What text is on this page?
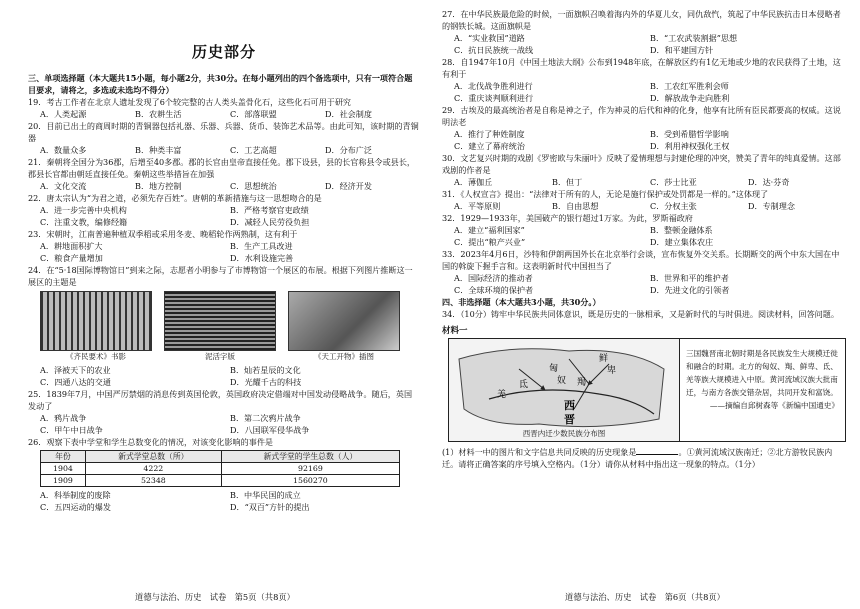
历史部分

三、单项选择题（本大题共15小题，每小题2分，共30分。在每小题列出的四个备选项中，只有一项符合题目要求，请将之，多选或未选均不得分）

19．考古工作者在北京人遗址发现了6个较完整的古人类头盖骨化石，这些化石可用于研究

A．人类起源	B．农耕生活	C．部落联盟	D．社会制度

20．目前已出土的商周时期的青铜器包括礼器、乐器、兵器、货币、装饰艺术品等。由此可知，该时期的青铜器

A．数量众多	B．种类丰富	C．工艺高超	D．分布广泛

21．秦朝将全国分为36郡，后增至40多郡。郡的长官由皇帝直接任免。郡下设县，县的长官称县令或县长，郡县长官都由朝廷直接任免。秦朝这些举措旨在加强

A．文化交流	B．地方控制	C．思想统治	D．经济开发

22．唐太宗认为“为君之道，必须先存百姓”。唐朝的革新措施与这一思想吻合的是

A．进一步完善中央机构	B．严格考察官吏政绩
C．注重文教，编修经籍	D．减轻人民劳役负担

23．宋朝时，江南普遍种植双季稻或采用冬麦、晚稻轮作两熟制，这有利于

A．耕地面积扩大	B．生产工具改进
C．粮食产量增加	D．水利设施完善

24．在“5·18国际博物馆日”到来之际，志愿者小明参与了市博物馆一个展区的布展。根据下列图片推断这一展区的主题是

《齐民要术》书影	泥活字版	《天工开物》插图
A．泽被天下的农业	B．灿若星辰的文化
C．四通八达的交通	D．光耀千古的科技

25．1839年7月，中国严厉禁烟的消息传到英国伦敦，英国政府决定借端对中国发动侵略战争。随后，英国发动了

A．鸦片战争	B．第二次鸦片战争
C．甲午中日战争	D．八国联军侵华战争

26．观察下表中学堂和学生总数变化的情况，对该变化影响的事件是

年份	新式学堂总数（所）	新式学堂的学生总数（人）
1904	4222	92169
1909	52348	1560270
A．科举制度的废除	B．中华民国的成立
C．五四运动的爆发	D．“双百”方针的提出
道德与法治、历史　试卷　第5页（共8页）

27．在中华民族最危险的时候，一面旗帜召唤着海内外的华夏儿女，同仇敌忾，筑起了中华民族抗击日本侵略者的钢铁长城。这面旗帜是

A．“实业救国”道路	B．“工农武装割据”思想
C．抗日民族统一战线	D．和平建国方针

28．自1947年10月《中国土地法大纲》公布到1948年底，在解放区约有1亿无地或少地的农民获得了土地，这有利于

A．北伐战争胜利进行	B．工农红军胜利会师
C．重庆谈判顺利进行	D．解放战争走向胜利

29．古埃及的最高统治者是自称是神之子，作为神灵的后代和神的化身，他享有比所有臣民都要高的权威。这说明法老

A．推行了种姓制度	B．受到希腊哲学影响
C．建立了幕府统治	D．利用神权强化王权

30．文艺复兴时期的戏剧《罗密欧与朱丽叶》反映了爱情理想与封建伦理的冲突，赞美了青年的纯真爱情。这部戏剧的作者是

A．薄伽丘	B．但丁	C．莎士比亚	D．达·芬奇

31．《人权宣言》提出：“法律对于所有的人，无论是施行保护或处罚都是一样的。”这体现了

A．平等原则	B．自由思想	C．分权主张	D．专制理念

32．1929—1933年，美国破产的银行超过1万家。为此，罗斯福政府

A．建立“福利国家”	B．整顿金融体系
C．提出“粮产兴业”	D．建立集体农庄

33．2023年4月6日，沙特和伊朗两国外长在北京举行会谈，宣布恢复外交关系。长期断交的两个中东大国在中国的斡旋下握手言和。这表明新时代中国担当了

A．国际经济的推动者	B．世界和平的维护者
C．全球环境的保护者	D．先进文化的引领者

四、非选择题（本大题共3小题，共30分。）

34．（10分）铸牢中华民族共同体意识，既是历史的一脉相承，又是新时代的与时俱进。阅读材料，回答问题。

材料一
鲜
卑
匈
奴 羯
氐
羌
西
晋
西晋内迁少数民族分布图
三国魏晋南北朝时期是各民族发生大规模迁徙和融合的时期。北方的匈奴、羯、鲜卑、氐、羌等族大规模进入中原。黄河流域汉族大批南迁，与南方各族交错杂居，共同开发和富饶。
——摘编自邱树森等《新编中国通史》

(1）材料一中的图片和文字信息共同反映的历史现象是	。①黄河流域汉族南迁；②北方游牧民族内迁。请将正确答案的序号填入空格内。（1分）请你从材料中指出这一现象的特点。（1分）

道德与法治、历史　试卷　第6页（共8页）
